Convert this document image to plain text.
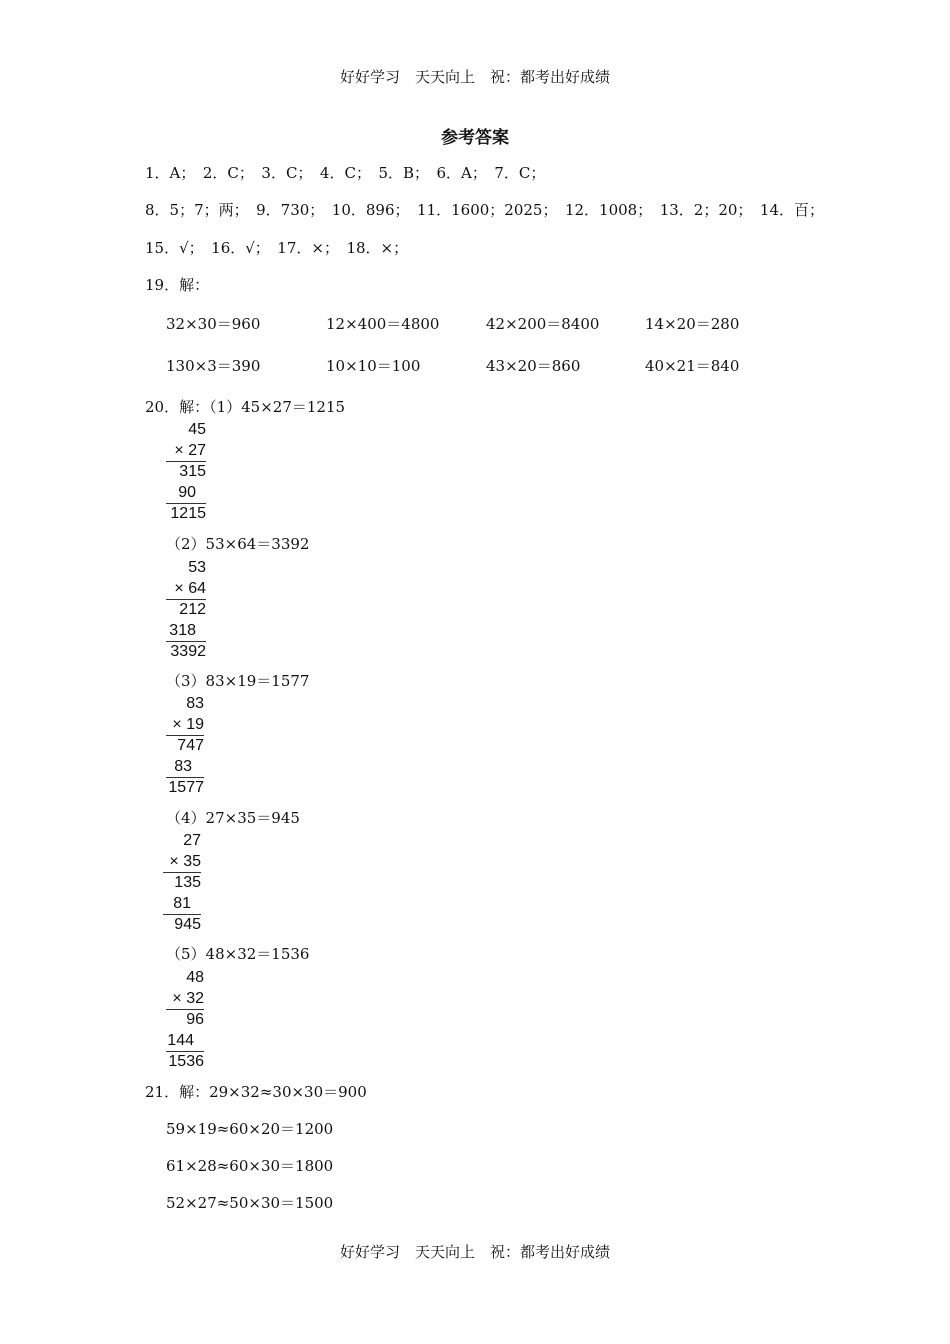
好好学习　天天向上　祝：都考出好成绩
参考答案
1．A；　2．C；　3．C；　4．C；　5．B；　6．A；　7．C；
8．5；7；两；　9．730；　10．896；　11．1600；2025；　12．1008；　13．2；20；　14．百；
15．√；　16．√；　17．×；　18．×；
19．解：
32×30＝960	12×400＝4800	42×200＝8400	14×20＝280
130×3＝390	10×10＝100	43×20＝860	40×21＝840
20．解：（1）45×27＝1215
45
× 27
315
90
1215
（2）53×64＝3392
53
× 64
212
318
3392
（3）83×19＝1577
83
× 19
747
83
1577
（4）27×35＝945
27
× 35
135
81
945
（5）48×32＝1536
48
× 32
96
144
1536
21．解：29×32≈30×30＝900
59×19≈60×20＝1200
61×28≈60×30＝1800
52×27≈50×30＝1500
好好学习　天天向上　祝：都考出好成绩
